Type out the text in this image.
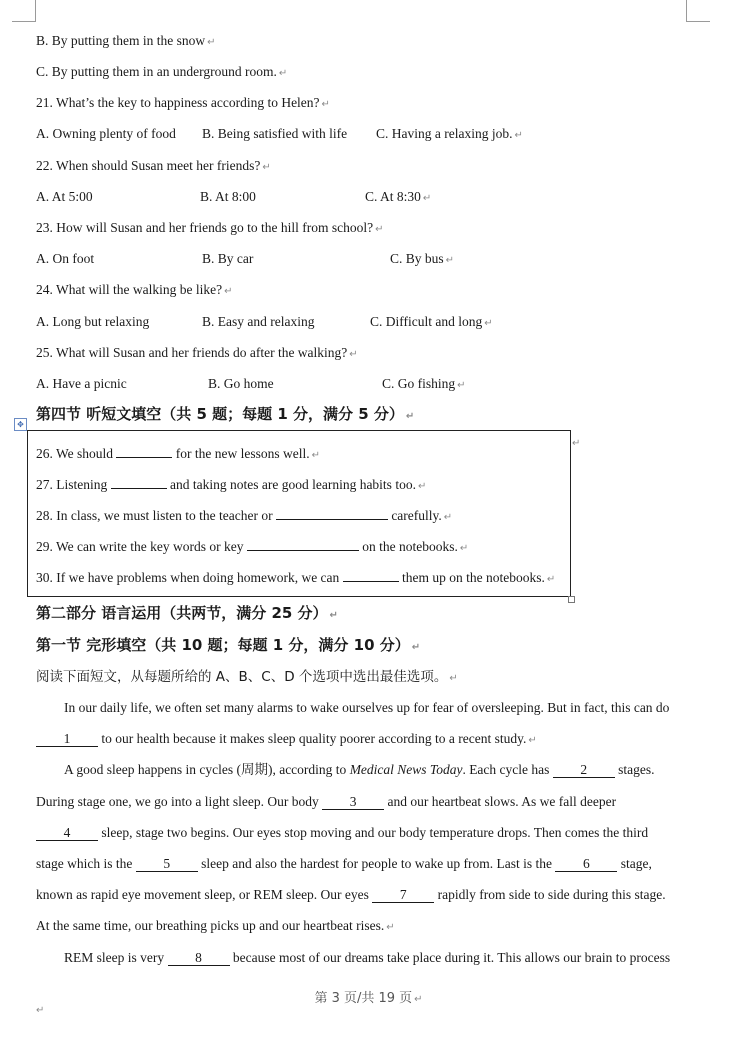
B. By putting them in the snow ↵
C. By putting them in an underground room. ↵
21. What’s the key to happiness according to Helen? ↵
A. Owning plenty of food B. Being satisfied with life C. Having a relaxing job. ↵
22. When should Susan meet her friends? ↵
A. At 5:00	B. At 8:00	C. At 8:30 ↵
23. How will Susan and her friends go to the hill from school? ↵
A. On foot	B. By car	C. By bus ↵
24. What will the walking be like? ↵
A. Long but relaxing	B. Easy and relaxing	C. Difficult and long ↵
25. What will Susan and her friends do after the walking? ↵
A. Have a picnic	B. Go home	C. Go fishing ↵
✥
第四节 听短文填空（共 5 题；每题 1 分，满分 5 分） ↵
↵
26. We should	for the new lessons well. ↵
27. Listening	and taking notes are good learning habits too. ↵
28. In class, we must listen to the teacher or	carefully. ↵
29. We can write the key words or key	on the notebooks. ↵
30. If we have problems when doing homework, we can	them up on the notebooks. ↵
第二部分 语言运用（共两节，满分 25 分） ↵
第一节 完形填空（共 10 题；每题 1 分，满分 10 分） ↵
阅读下面短文，从每题所给的 A、B、C、D 个选项中选出最佳选项。 ↵
In our daily life, we often set many alarms to wake ourselves up for fear of oversleeping. But in fact, this can do
1 to our health because it makes sleep quality poorer according to a recent study. ↵
A good sleep happens in cycles (周期), according to Medical News Today. Each cycle has 2 stages.
During stage one, we go into a light sleep. Our body 3 and our heartbeat slows. As we fall deeper
4 sleep, stage two begins. Our eyes stop moving and our body temperature drops. Then comes the third
stage which is the 5 sleep and also the hardest for people to wake up from. Last is the 6 stage,
known as rapid eye movement sleep, or REM sleep. Our eyes 7 rapidly from side to side during this stage.
At the same time, our breathing picks up and our heartbeat rises. ↵
REM sleep is very 8 because most of our dreams take place during it. This allows our brain to process
第 3 页/共 19 页 ↵
↵
